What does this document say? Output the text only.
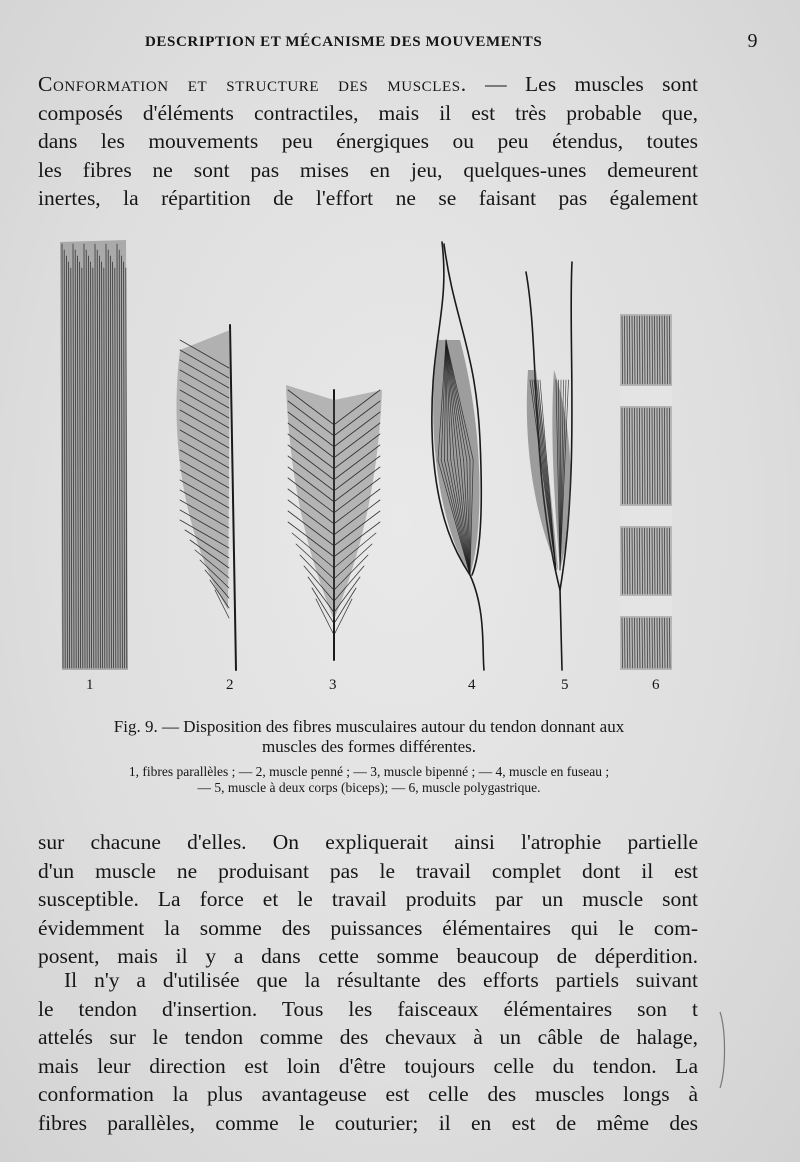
DESCRIPTION ET MÉCANISME DES MOUVEMENTS	9
Conformation et structure des muscles. — Les muscles sont
composés d'éléments contractiles, mais il est très probable que,
dans les mouvements peu énergiques ou peu étendus, toutes
les fibres ne sont pas mises en jeu, quelques-unes demeurent
inertes, la répartition de l'effort ne se faisant pas également
1	2	3	4	5	6
Fig. 9. — Disposition des fibres musculaires autour du tendon donnant aux
muscles des formes différentes.
1, fibres parallèles ; — 2, muscle penné ; — 3, muscle bipenné ; — 4, muscle en fuseau ;
— 5, muscle à deux corps (biceps); — 6, muscle polygastrique.
sur chacune d'elles. On expliquerait ainsi l'atrophie partielle
d'un muscle ne produisant pas le travail complet dont il est
susceptible. La force et le travail produits par un muscle sont
évidemment la somme des puissances élémentaires qui le com-
posent, mais il y a dans cette somme beaucoup de déperdition.
Il n'y a d'utilisée que la résultante des efforts partiels suivant
le tendon d'insertion. Tous les faisceaux élémentaires son t
attelés sur le tendon comme des chevaux à un câble de halage,
mais leur direction est loin d'être toujours celle du tendon. La
conformation la plus avantageuse est celle des muscles longs à
fibres parallèles, comme le couturier; il en est de même des
